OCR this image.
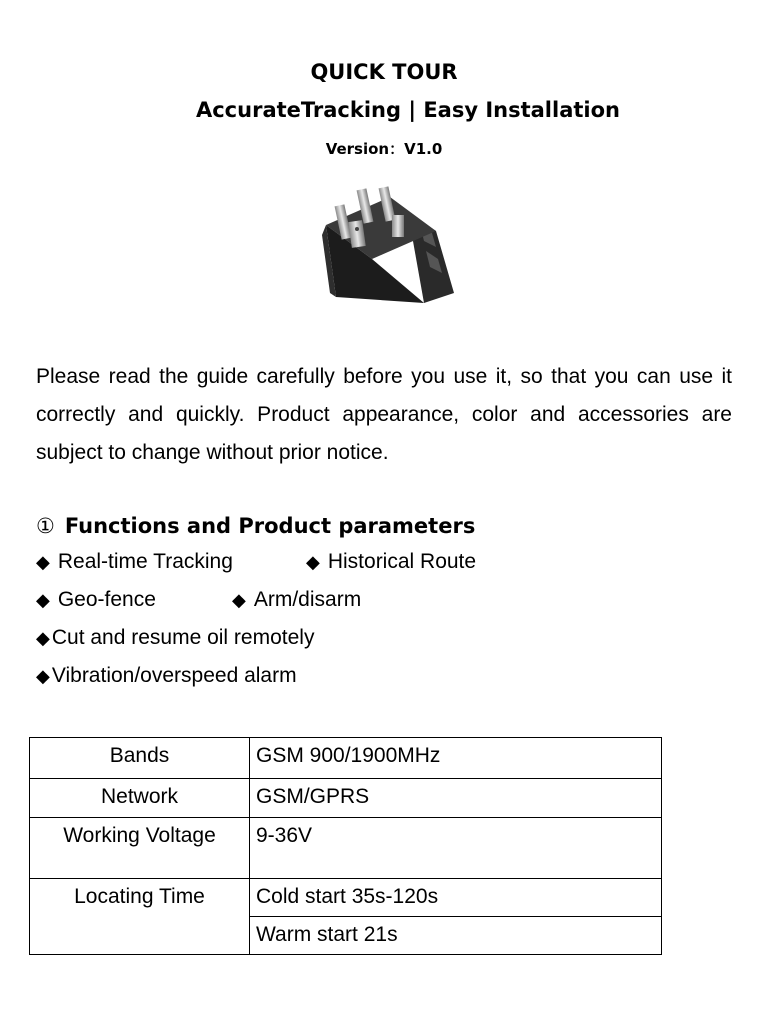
QUICK TOUR
AccurateTracking | Easy Installation
Version：V1.0

Please read the guide carefully before you use it, so that you can use it correctly and quickly. Product appearance, color and accessories are subject to change without prior notice.

① Functions and Product parameters
◆ Real-time Tracking	◆ Historical Route
◆ Geo-fence	◆ Arm/disarm
◆Cut and resume oil remotely
◆Vibration/overspeed alarm
Bands	GSM 900/1900MHz
Network	GSM/GPRS
Working Voltage	9-36V
Locating Time	Cold start 35s-120s
	Warm start 21s
